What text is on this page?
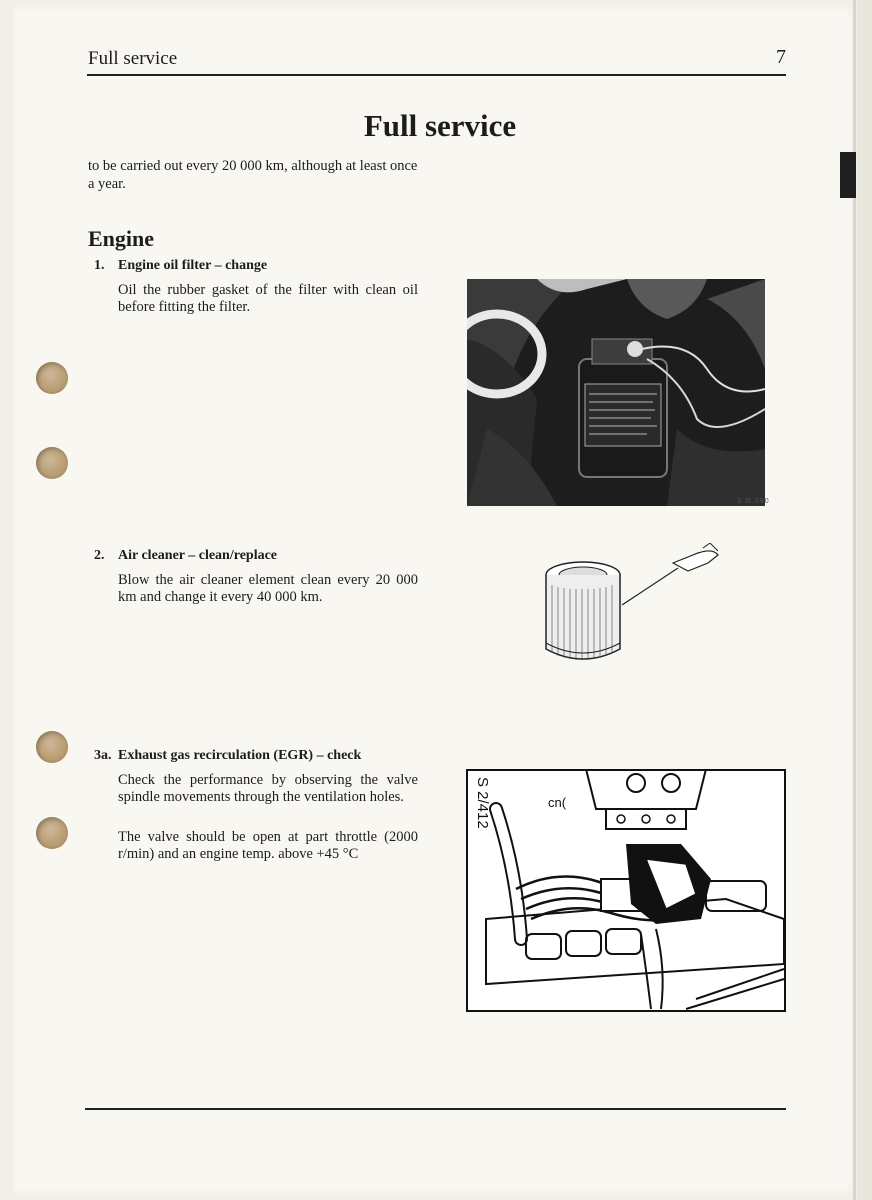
Full service	7
Full service
to be carried out every 20 000 km, although at least once a year.
Engine
1. Engine oil filter – change

Oil the rubber gasket of the filter with clean oil before fitting the filter.

S G 090
2. Air cleaner – clean/replace

Blow the air cleaner element clean every 20 000 km and change it every 40 000 km.

3a. Exhaust gas recirculation (EGR) – check

Check the performance by observing the valve spindle movements through the ventilation holes.

The valve should be open at part throttle (2000 r/min) and an engine temp. above +45 °C

cn(
S 2/412
